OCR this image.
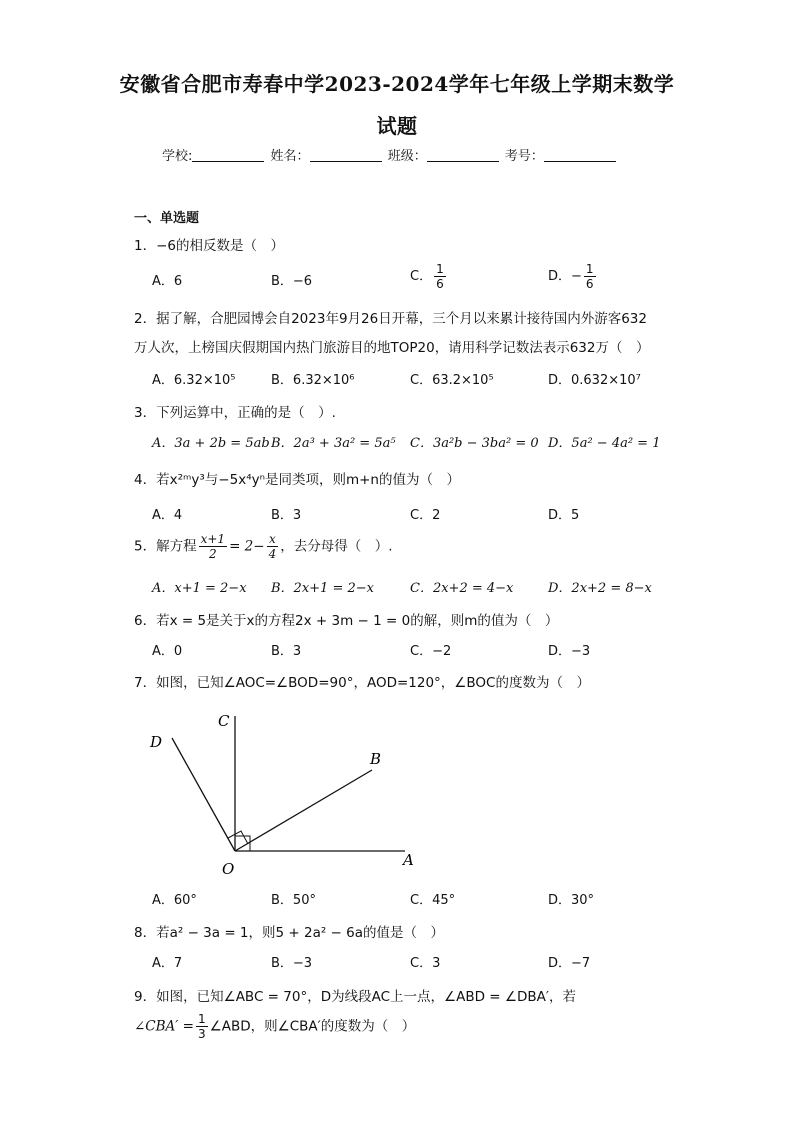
安徽省合肥市寿春中学2023-2024学年七年级上学期末数学
试题
学校:	姓名：	班级：	考号：
一、单选题
1．−6的相反数是（　）
A．6	B．−6	C． $\frac{1}{6}$	D．− $\frac{1}{6}$
2．据了解，合肥园博会自2023年9月26日开幕，三个月以来累计接待国内外游客632
万人次，上榜国庆假期国内热门旅游目的地TOP20，请用科学记数法表示632万（　）
A．6.32×10⁵	B．6.32×10⁶	C．63.2×10⁵	D．0.632×10⁷
3．下列运算中，正确的是（　）.
A．3a + 2b = 5ab B．2a³ + 3a² = 5a⁵ C．3a²b − 3ba² = 0 D．5a² − 4a² = 1
4．若x²ᵐy³与−5x⁴yⁿ是同类项，则m+n的值为（　）
A．4	B．3	C．2	D．5
5．解方程 $\frac{x+1}{2} = 2- \frac{x}{4}$ ，去分母得（　）.
A．x+1 = 2−x B．2x+1 = 2−x	C．2x+2 = 4−x	D．2x+2 = 8−x
6．若x = 5是关于x的方程2x + 3m − 1 = 0的解，则m的值为（　）
A．0	B．3	C．−2	D．−3
7．如图，已知∠AOC=∠BOD=90°，AOD=120°，∠BOC的度数为（　）
C
D
B
O	A
A．60°	B．50°	C．45°	D．30°
8．若a² − 3a = 1，则5 + 2a² − 6a的值是（　）
A．7	B．−3	C．3	D．−7
9．如图，已知∠ABC = 70°，D为线段AC上一点，∠ABD = ∠DBA′，若
∠CBA′ = $\frac{1}{3}$ ∠ABD，则∠CBA′的度数为（　）
